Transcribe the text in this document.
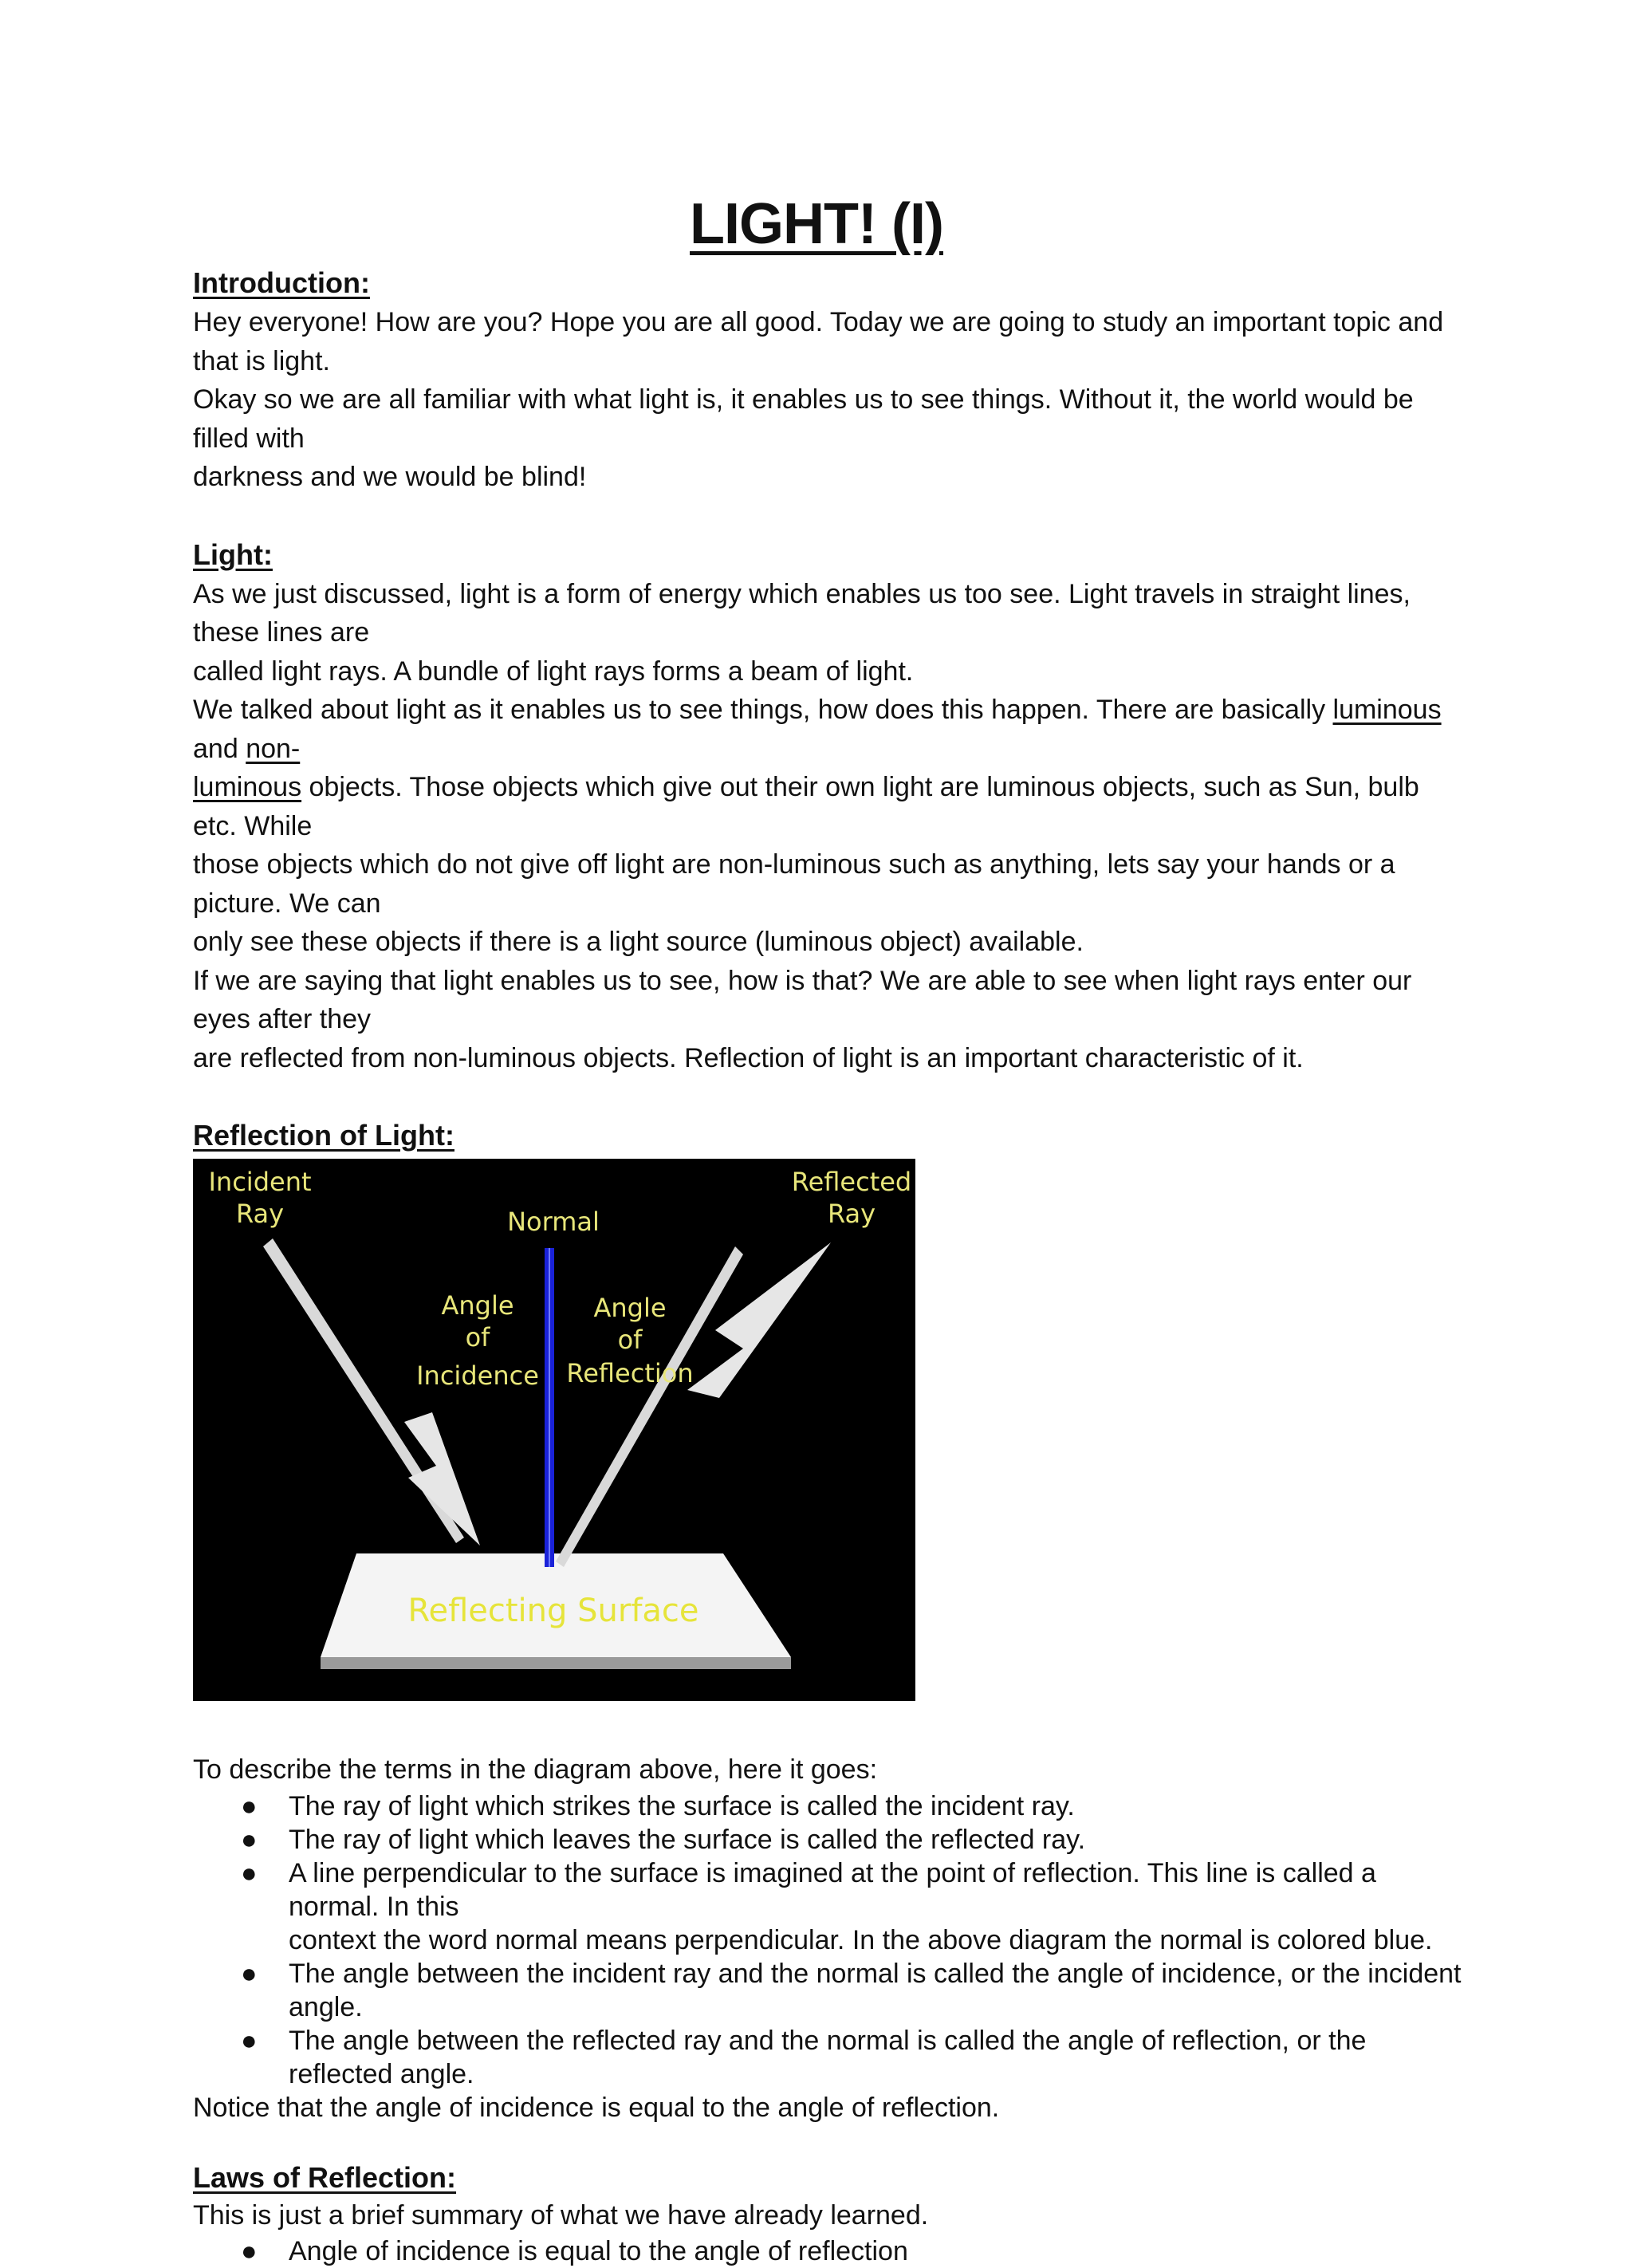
LIGHT! (I)
Introduction:

Hey everyone! How are you? Hope you are all good. Today we are going to study an important topic and that is light.

Okay so we are all familiar with what light is, it enables us to see things. Without it, the world would be filled with

darkness and we would be blind!

Light:

As we just discussed, light is a form of energy which enables us too see. Light travels in straight lines, these lines are

called light rays. A bundle of light rays forms a beam of light.

We talked about light as it enables us to see things, how does this happen. There are basically luminous and non-

luminous objects. Those objects which give out their own light are luminous objects, such as Sun, bulb etc. While

those objects which do not give off light are non-luminous such as anything, lets say your hands or a picture. We can

only see these objects if there is a light source (luminous object) available.

If we are saying that light enables us to see, how is that? We are able to see when light rays enter our eyes after they

are reflected from non-luminous objects. Reflection of light is an important characteristic of it.

Reflection of Light:
Incident
Ray
Reflected
Ray
Normal
Angle
of
Incidence
Angle
of
Reflection
Reflecting Surface

To describe the terms in the diagram above, here it goes:

● The ray of light which strikes the surface is called the incident ray.
● The ray of light which leaves the surface is called the reflected ray.
● A line perpendicular to the surface is imagined at the point of reflection. This line is called a normal. In this
context the word normal means perpendicular. In the above diagram the normal is colored blue.
● The angle between the incident ray and the normal is called the angle of incidence, or the incident angle.
● The angle between the reflected ray and the normal is called the angle of reflection, or the reflected angle.

Notice that the angle of incidence is equal to the angle of reflection.

Laws of Reflection:

This is just a brief summary of what we have already learned.

● Angle of incidence is equal to the angle of reflection
